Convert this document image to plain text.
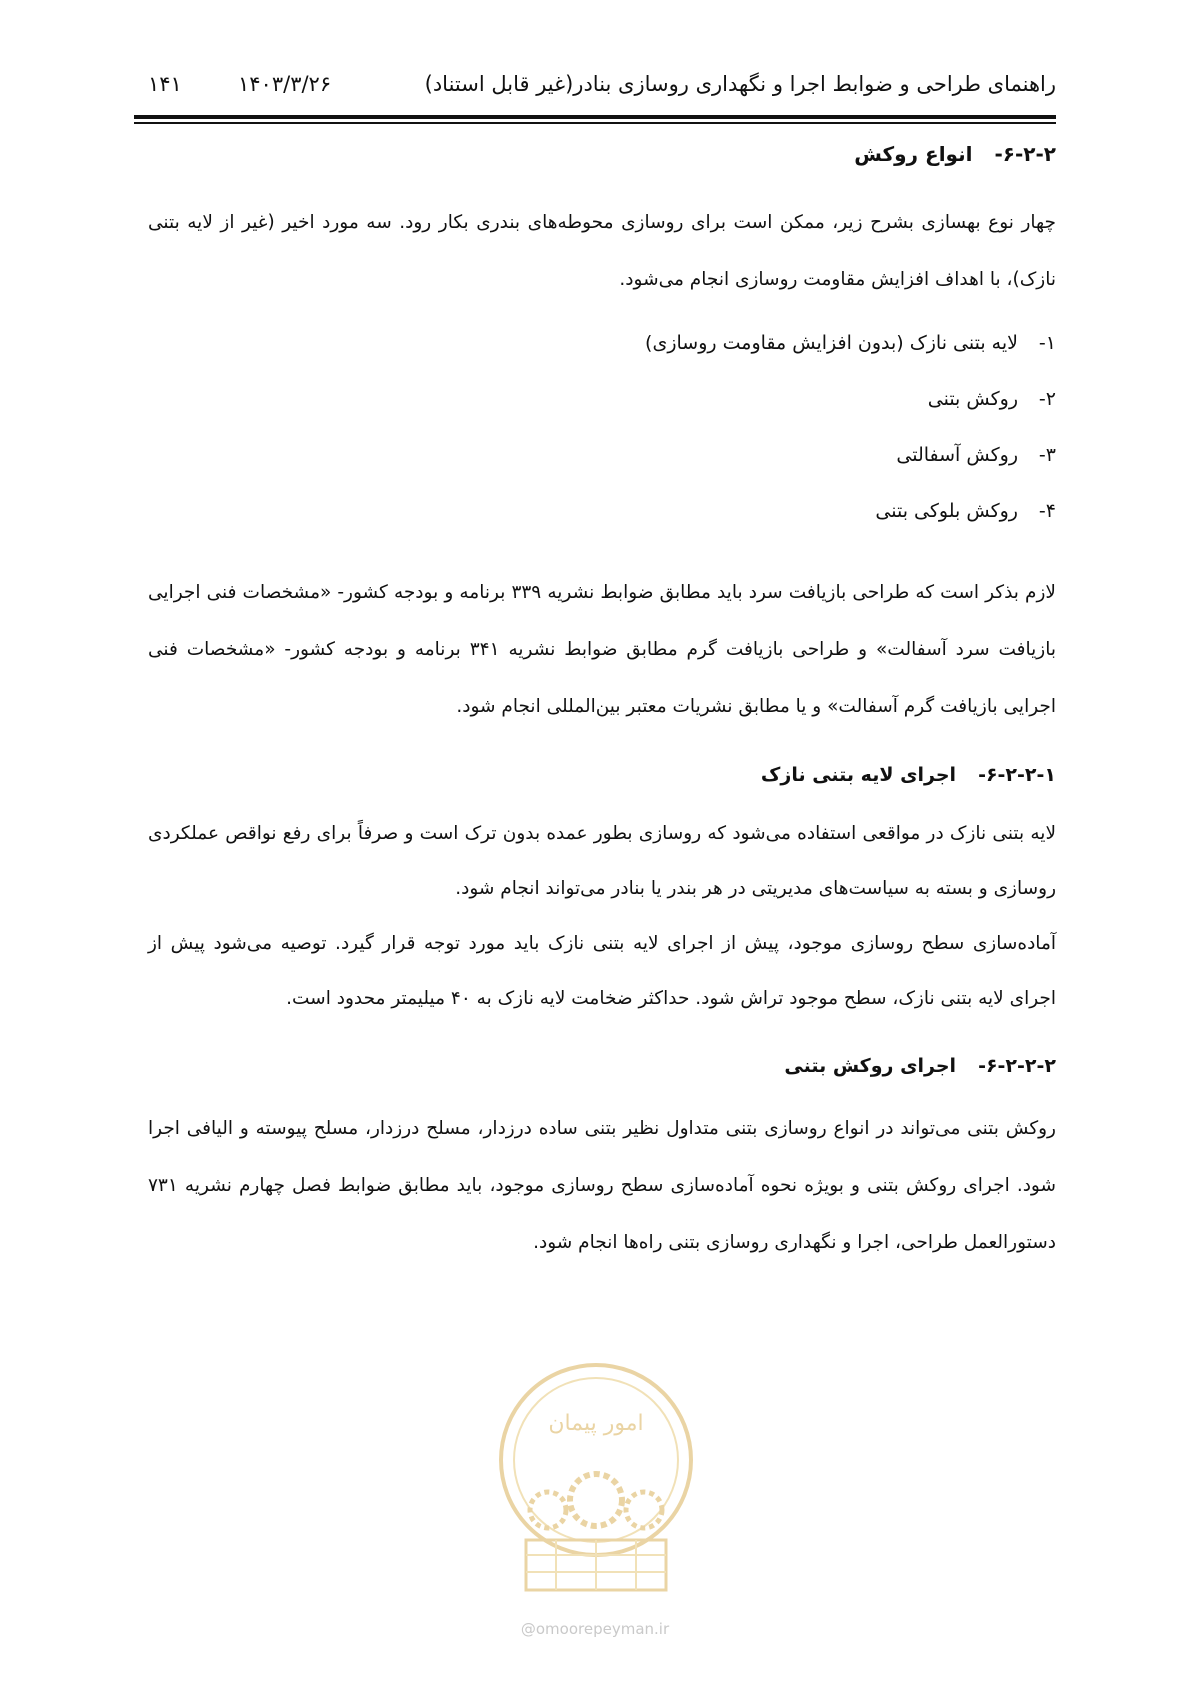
راهنمای طراحی و ضوابط اجرا و نگهداری روسازی بنادر(غیر قابل استناد)
۱۴۰۳/۳/۲۶
۱۴۱
۶-۲-۲-انواع روکش

چهار نوع بهسازی بشرح زیر، ممکن است برای روسازی محوطه‌های بندری بکار رود. سه مورد اخیر (غیر از لایه بتنی نازک)، با اهداف افزایش مقاومت روسازی انجام می‌شود.

۱-لایه بتنی نازک (بدون افزایش مقاومت روسازی)
۲-روکش بتنی
۳-روکش آسفالتی
۴-روکش بلوکی بتنی

لازم بذکر است که طراحی بازیافت سرد باید مطابق ضوابط نشریه ۳۳۹ برنامه و بودجه کشور- «مشخصات فنی اجرایی بازیافت سرد آسفالت» و طراحی بازیافت گرم مطابق ضوابط نشریه ۳۴۱ برنامه و بودجه کشور- «مشخصات فنی اجرایی بازیافت گرم آسفالت» و یا مطابق نشریات معتبر بین‌المللی انجام شود.

۶-۲-۲-۱-اجرای لایه بتنی نازک

لایه بتنی نازک در مواقعی استفاده می‌شود که روسازی بطور عمده بدون ترک است و صرفاً برای رفع نواقص عملکردی روسازی و بسته به سیاست‌های مدیریتی در هر بندر یا بنادر می‌تواند انجام شود.

آماده‌سازی سطح روسازی موجود، پیش از اجرای لایه بتنی نازک باید مورد توجه قرار گیرد. توصیه می‌شود پیش از اجرای لایه بتنی نازک، سطح موجود تراش شود. حداکثر ضخامت لایه نازک به ۴۰ میلیمتر محدود است.

۶-۲-۲-۲-اجرای روکش بتنی

روکش بتنی می‌تواند در انواع روسازی بتنی متداول نظیر بتنی ساده درزدار، مسلح درزدار، مسلح پیوسته و الیافی اجرا شود. اجرای روکش بتنی و بویژه نحوه آماده‌سازی سطح روسازی موجود، باید مطابق ضوابط فصل چهارم نشریه ۷۳۱ دستورالعمل طراحی، اجرا و نگهداری روسازی بتنی راه‌ها انجام شود.

امور پیمان
@omoorepeyman.ir
